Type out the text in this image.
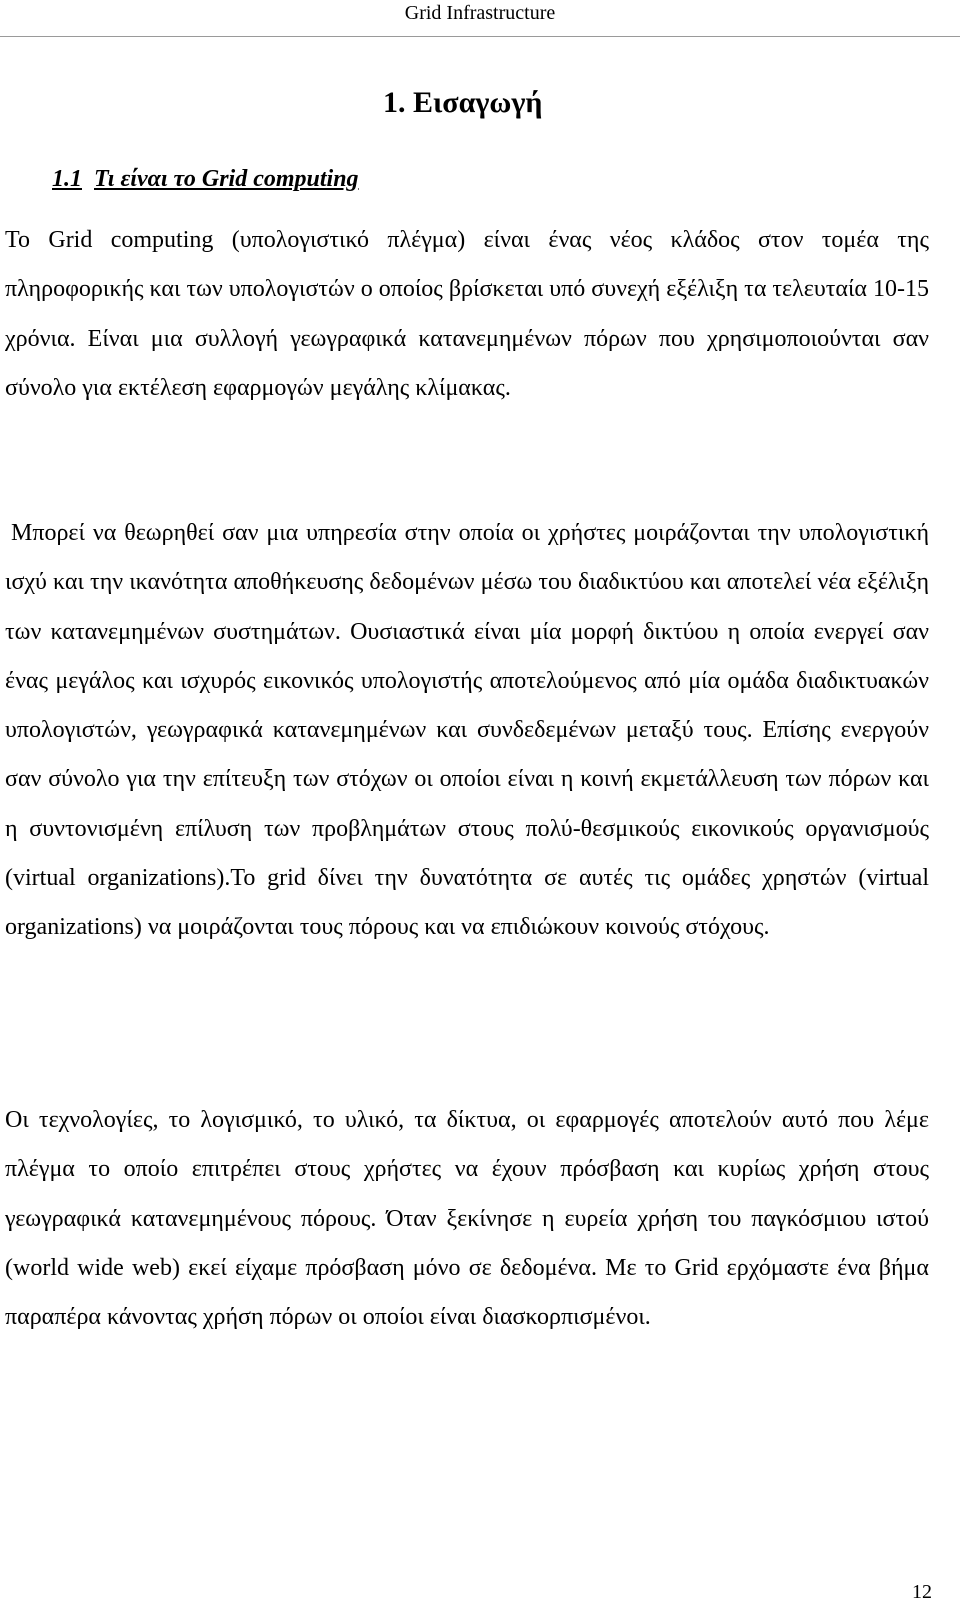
Grid Infrastructure
1. Εισαγωγή
1.1 Τι είναι το Grid computing

Το Grid computing (υπολογιστικό πλέγμα) είναι ένας νέος κλάδος στον τομέα της πληροφορικής και των υπολογιστών ο οποίος βρίσκεται υπό συνεχή εξέλιξη τα τελευταία 10-15 χρόνια. Είναι μια συλλογή γεωγραφικά κατανεμημένων πόρων που χρησιμοποιούνται σαν σύνολο για εκτέλεση εφαρμογών μεγάλης κλίμακας.

Μπορεί να θεωρηθεί σαν μια υπηρεσία στην οποία οι χρήστες μοιράζονται την υπολογιστική ισχύ και την ικανότητα αποθήκευσης δεδομένων μέσω του διαδικτύου και αποτελεί νέα εξέλιξη των κατανεμημένων συστημάτων. Ουσιαστικά είναι μία μορφή δικτύου η οποία ενεργεί σαν ένας μεγάλος και ισχυρός εικονικός υπολογιστής αποτελούμενος από μία ομάδα διαδικτυακών υπολογιστών, γεωγραφικά κατανεμημένων και συνδεδεμένων μεταξύ τους. Επίσης ενεργούν σαν σύνολο για την επίτευξη των στόχων οι οποίοι είναι η κοινή εκμετάλλευση των πόρων και η συντονισμένη επίλυση των προβλημάτων στους πολύ-θεσμικούς εικονικούς οργανισμούς (virtual organizations).Το grid δίνει την δυνατότητα σε αυτές τις ομάδες χρηστών (virtual organizations) να μοιράζονται τους πόρους και να επιδιώκουν κοινούς στόχους.

Οι τεχνολογίες, το λογισμικό, το υλικό, τα δίκτυα, οι εφαρμογές αποτελούν αυτό που λέμε πλέγμα το οποίο επιτρέπει στους χρήστες να έχουν πρόσβαση και κυρίως χρήση στους γεωγραφικά κατανεμημένους πόρους. Όταν ξεκίνησε η ευρεία χρήση του παγκόσμιου ιστού (world wide web) εκεί είχαμε πρόσβαση μόνο σε δεδομένα. Με το Grid ερχόμαστε ένα βήμα παραπέρα κάνοντας χρήση πόρων οι οποίοι είναι διασκορπισμένοι.

12
